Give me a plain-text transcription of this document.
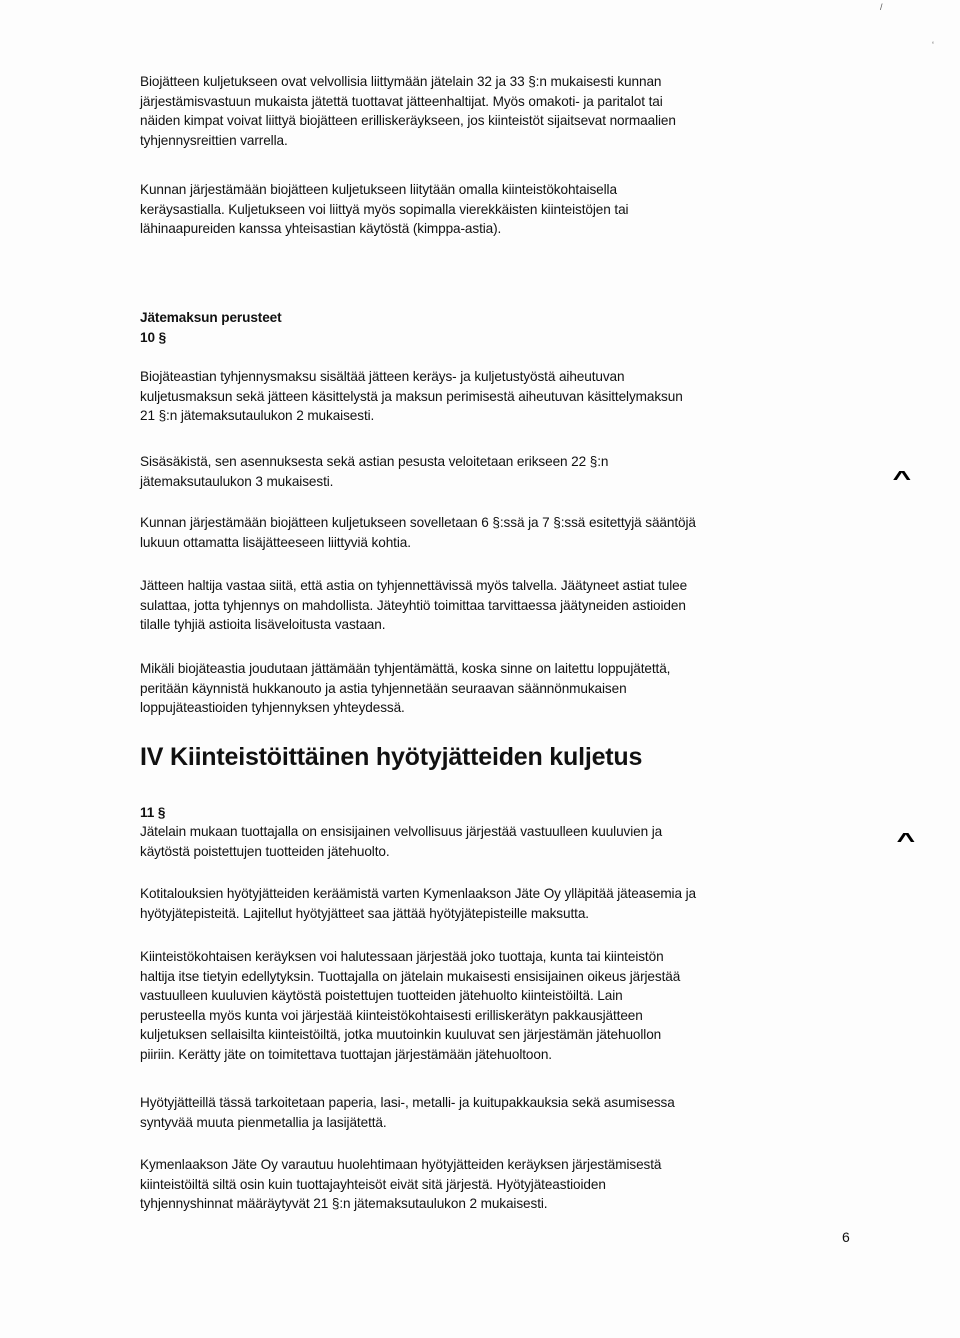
/
‘
Biojätteen kuljetukseen ovat velvollisia liittymään jätelain 32 ja 33 §:n mukaisesti kunnan
järjestämisvastuun mukaista jätettä tuottavat jätteenhaltijat. Myös omakoti- ja paritalot tai
näiden kimpat voivat liittyä biojätteen erilliskeräykseen, jos kiinteistöt sijaitsevat normaalien
tyhjennysreittien varrella.
Kunnan järjestämään biojätteen kuljetukseen liitytään omalla kiinteistökohtaisella
keräysastialla. Kuljetukseen voi liittyä myös sopimalla vierekkäisten kiinteistöjen tai
lähinaapureiden kanssa yhteisastian käytöstä (kimppa-astia).
Jätemaksun perusteet
10 §
Biojäteastian tyhjennysmaksu sisältää jätteen keräys- ja kuljetustyöstä aiheutuvan
kuljetusmaksun sekä jätteen käsittelystä ja maksun perimisestä aiheutuvan käsittelymaksun
21 §:n jätemaksutaulukon 2 mukaisesti.
Sisäsäkistä, sen asennuksesta sekä astian pesusta veloitetaan erikseen 22 §:n
jätemaksutaulukon 3 mukaisesti.	^
Kunnan järjestämään biojätteen kuljetukseen sovelletaan 6 §:ssä ja 7 §:ssä esitettyjä sääntöjä
lukuun ottamatta lisäjätteeseen liittyviä kohtia.
Jätteen haltija vastaa siitä, että astia on tyhjennettävissä myös talvella. Jäätyneet astiat tulee
sulattaa, jotta tyhjennys on mahdollista. Jäteyhtiö toimittaa tarvittaessa jäätyneiden astioiden
tilalle tyhjiä astioita lisäveloitusta vastaan.
Mikäli biojäteastia joudutaan jättämään tyhjentämättä, koska sinne on laitettu loppujätettä,
peritään käynnistä hukkanouto ja astia tyhjennetään seuraavan säännönmukaisen
loppujäteastioiden tyhjennyksen yhteydessä.
IV Kiinteistöittäinen hyötyjätteiden kuljetus
11 §
Jätelain mukaan tuottajalla on ensisijainen velvollisuus järjestää vastuulleen kuuluvien ja
käytöstä poistettujen tuotteiden jätehuolto.	^
Kotitalouksien hyötyjätteiden keräämistä varten Kymenlaakson Jäte Oy ylläpitää jäteasemia ja
hyötyjätepisteitä. Lajitellut hyötyjätteet saa jättää hyötyjätepisteille maksutta.
Kiinteistökohtaisen keräyksen voi halutessaan järjestää joko tuottaja, kunta tai kiinteistön
haltija itse tietyin edellytyksin. Tuottajalla on jätelain mukaisesti ensisijainen oikeus järjestää
vastuulleen kuuluvien käytöstä poistettujen tuotteiden jätehuolto kiinteistöiltä. Lain
perusteella myös kunta voi järjestää kiinteistökohtaisesti erilliskerätyn pakkausjätteen
kuljetuksen sellaisilta kiinteistöiltä, jotka muutoinkin kuuluvat sen järjestämän jätehuollon
piiriin. Kerätty jäte on toimitettava tuottajan järjestämään jätehuoltoon.
Hyötyjätteillä tässä tarkoitetaan paperia, lasi-, metalli- ja kuitupakkauksia sekä asumisessa
syntyvää muuta pienmetallia ja lasijätettä.
Kymenlaakson Jäte Oy varautuu huolehtimaan hyötyjätteiden keräyksen järjestämisestä
kiinteistöiltä siltä osin kuin tuottajayhteisöt eivät sitä järjestä. Hyötyjäteastioiden
tyhjennyshinnat määräytyvät 21 §:n jätemaksutaulukon 2 mukaisesti.
6
